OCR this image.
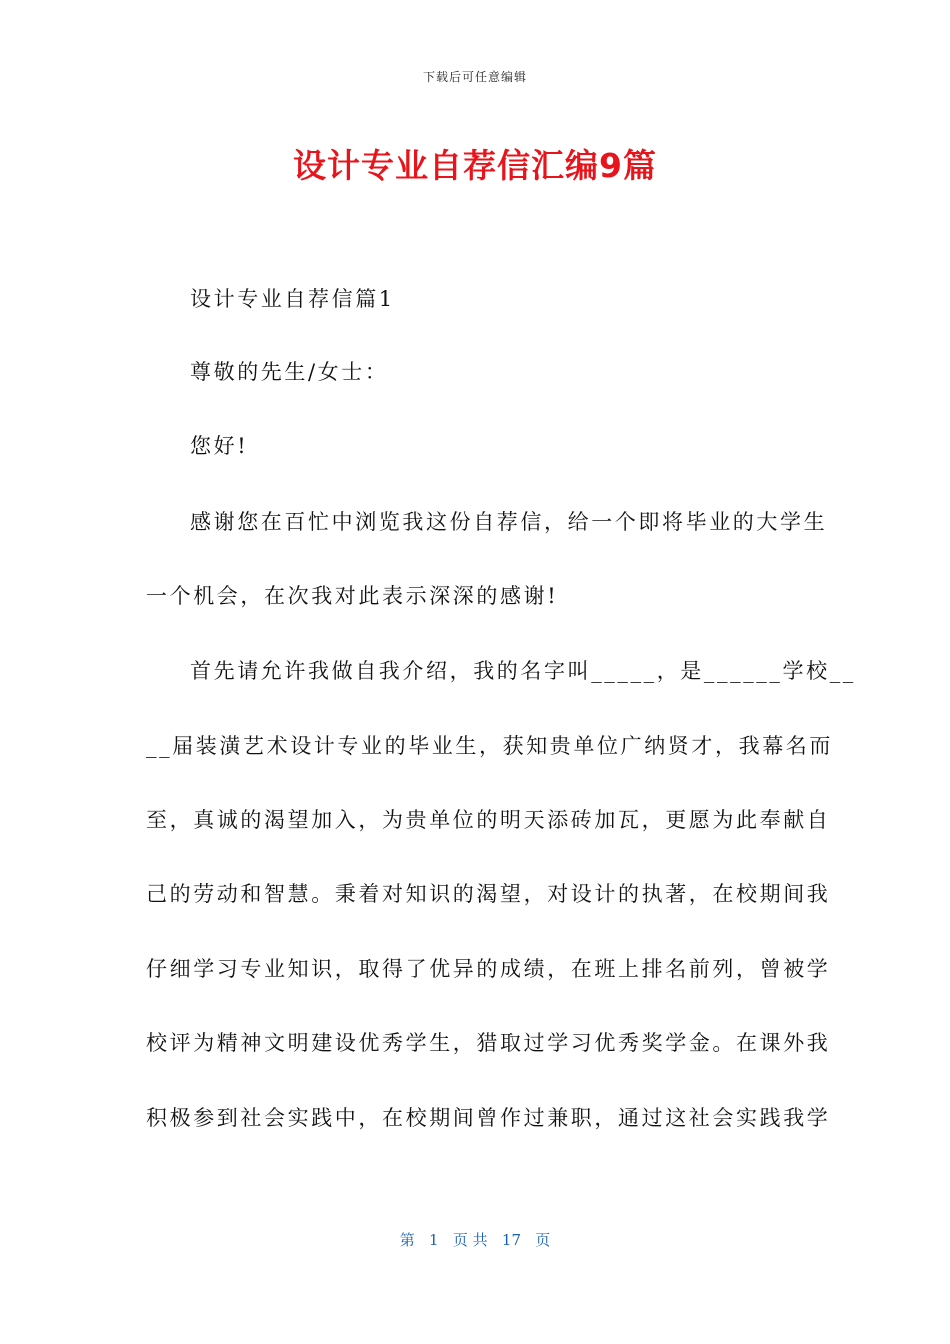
下载后可任意编辑
设计专业自荐信汇编9篇
设计专业自荐信篇1
尊敬的先生/女士：
您好!
感谢您在百忙中浏览我这份自荐信，给一个即将毕业的大学生
一个机会，在次我对此表示深深的感谢!
首先请允许我做自我介绍，我的名字叫_____，是______学校__
__届装潢艺术设计专业的毕业生，获知贵单位广纳贤才，我幕名而
至，真诚的渴望加入，为贵单位的明天添砖加瓦，更愿为此奉献自
己的劳动和智慧。秉着对知识的渴望，对设计的执著，在校期间我
仔细学习专业知识，取得了优异的成绩，在班上排名前列，曾被学
校评为精神文明建设优秀学生，猎取过学习优秀奖学金。在课外我
积极参到社会实践中，在校期间曾作过兼职，通过这社会实践我学
第   1   页 共   17   页
